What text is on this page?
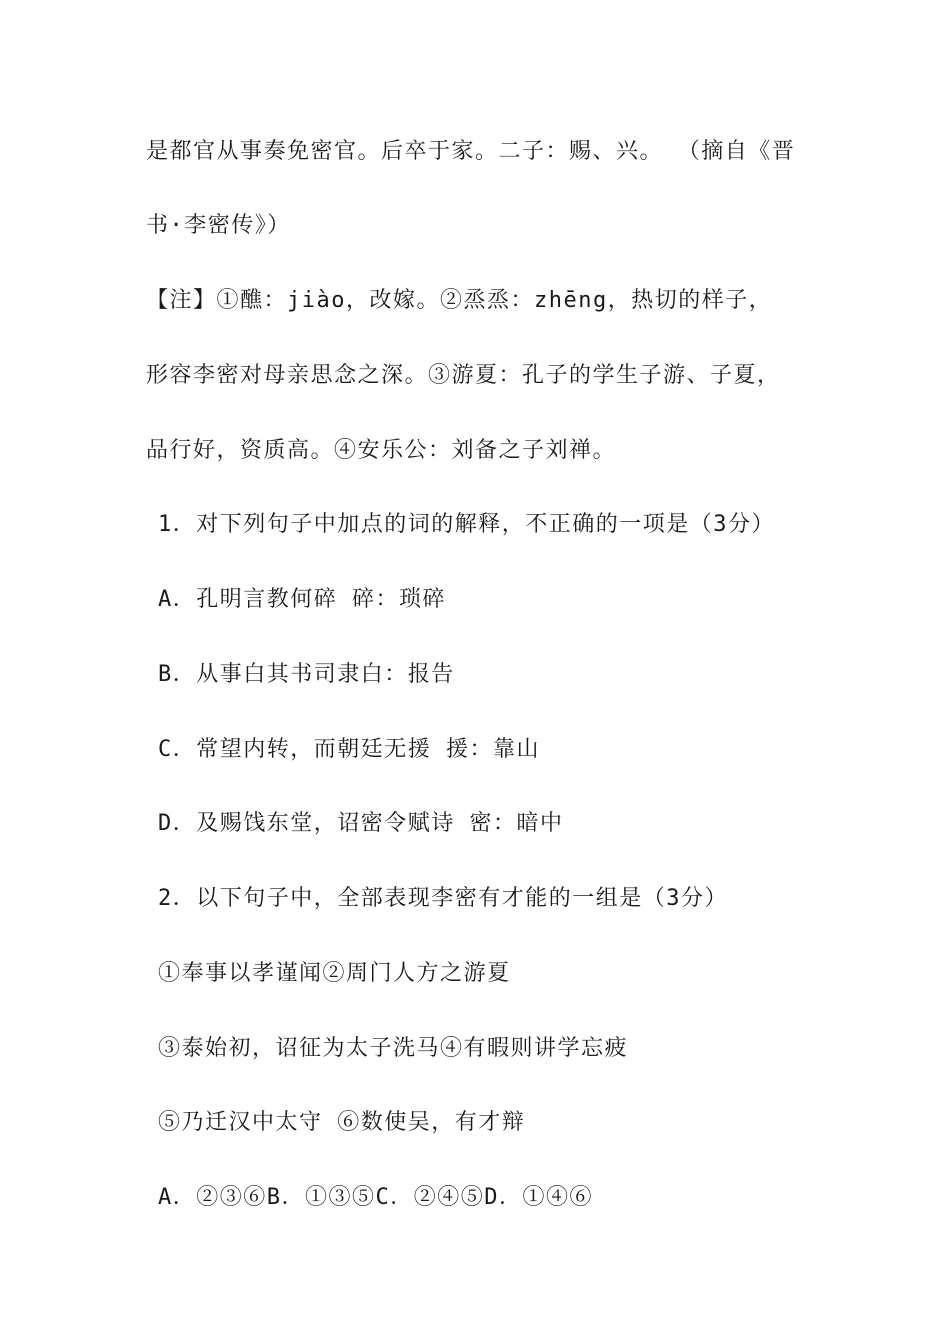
是都官从事奏免密官。后卒于家。二子：赐、兴。 （摘自《晋
书·李密传》）
【注】①醮：jiào，改嫁。②烝烝：zhēng，热切的样子，
形容李密对母亲思念之深。③游夏：孔子的学生子游、子夏，
品行好，资质高。④安乐公：刘备之子刘禅。
1．对下列句子中加点的词的解释，不正确的一项是（3分）
A．孔明言教何碎 碎：琐碎
B．从事白其书司隶白：报告
C．常望内转，而朝廷无援 援：靠山
D．及赐饯东堂，诏密令赋诗 密：暗中
2．以下句子中，全部表现李密有才能的一组是（3分）
①奉事以孝谨闻②周门人方之游夏
③泰始初，诏征为太子洗马④有暇则讲学忘疲
⑤乃迁汉中太守 ⑥数使吴，有才辩
A．②③⑥B．①③⑤C．②④⑤D．①④⑥
